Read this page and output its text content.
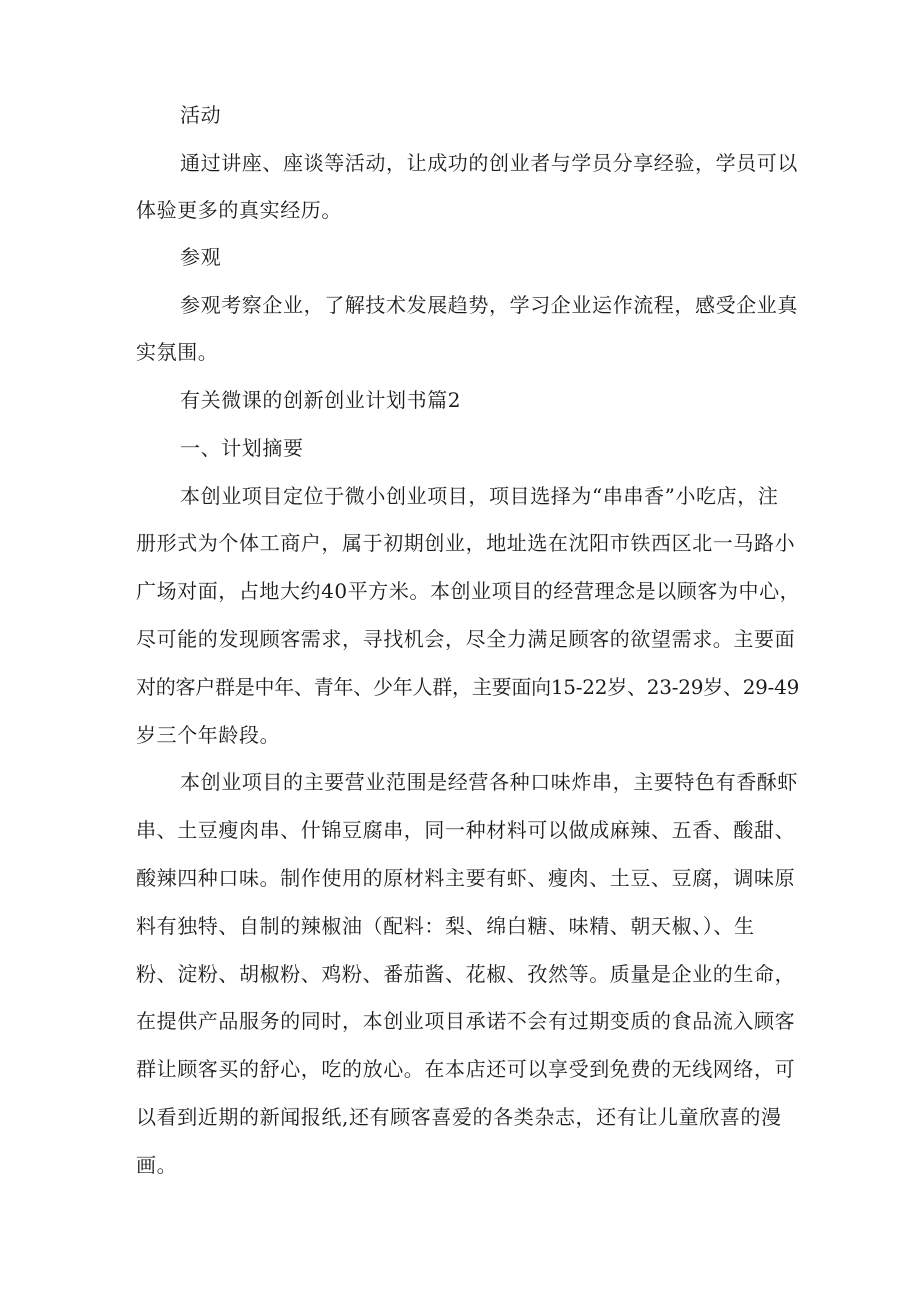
活动
通过讲座、座谈等活动，让成功的创业者与学员分享经验，学员可以
体验更多的真实经历。
参观
参观考察企业，了解技术发展趋势，学习企业运作流程，感受企业真
实氛围。
有关微课的创新创业计划书篇2
一、计划摘要
本创业项目定位于微小创业项目，项目选择为“串串香”小吃店，注
册形式为个体工商户，属于初期创业，地址选在沈阳市铁西区北一马路小
广场对面，占地大约40平方米。本创业项目的经营理念是以顾客为中心，
尽可能的发现顾客需求，寻找机会，尽全力满足顾客的欲望需求。主要面
对的客户群是中年、青年、少年人群，主要面向15-22岁、23-29岁、29-49
岁三个年龄段。
本创业项目的主要营业范围是经营各种口味炸串，主要特色有香酥虾
串、土豆瘦肉串、什锦豆腐串，同一种材料可以做成麻辣、五香、酸甜、
酸辣四种口味。制作使用的原材料主要有虾、瘦肉、土豆、豆腐，调味原
料有独特、自制的辣椒油（配料：梨、绵白糖、味精、朝天椒、）、生
粉、淀粉、胡椒粉、鸡粉、番茄酱、花椒、孜然等。质量是企业的生命，
在提供产品服务的同时，本创业项目承诺不会有过期变质的食品流入顾客
群让顾客买的舒心，吃的放心。在本店还可以享受到免费的无线网络，可
以看到近期的新闻报纸,还有顾客喜爱的各类杂志，还有让儿童欣喜的漫
画。
